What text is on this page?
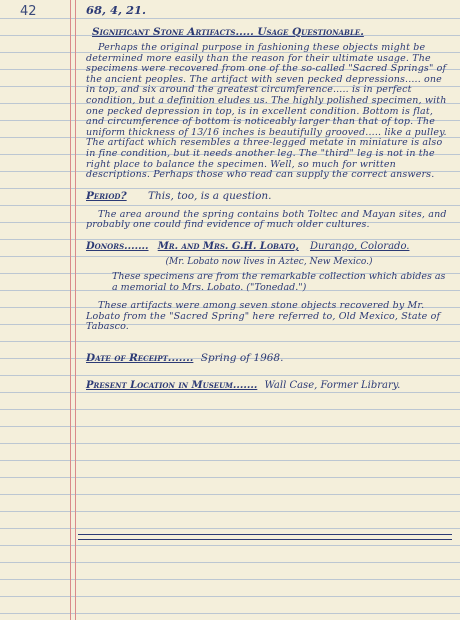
42	68, 4, 21.
Significant Stone Artifacts..... Usage Questionable.
Perhaps the original purpose in fashioning these objects might be determined more easily than the reason for their ultimate usage. The specimens were recovered from one of the so-called "Sacred Springs" of the ancient peoples. The artifact with seven pecked depressions..... one in top, and six around the greatest circumference..... is in perfect condition, but a definition eludes us. The highly polished specimen, with one pecked depression in top, is in excellent condition. Bottom is flat, and circumference of bottom is noticeably larger than that of top. The uniform thickness of 13/16 inches is beautifully grooved..... like a pulley. The artifact which resembles a three-legged metate in miniature is also in fine condition, but it needs another leg. The "third" leg is not in the right place to balance the specimen. Well, so much for written descriptions. Perhaps those who read can supply the correct answers.
Period? This, too, is a question.
The area around the spring contains both Toltec and Mayan sites, and probably one could find evidence of much older cultures.
Donors....... Mr. and Mrs. G.H. Lobato, Durango, Colorado.
(Mr. Lobato now lives in Aztec, New Mexico.)
These specimens are from the remarkable collection which abides as a memorial to Mrs. Lobato. ("Tonedad.")
These artifacts were among seven stone objects recovered by Mr. Lobato from the "Sacred Spring" here referred to, Old Mexico, State of Tabasco.
Date of Receipt....... Spring of 1968.
Present Location in Museum....... Wall Case, Former Library.
